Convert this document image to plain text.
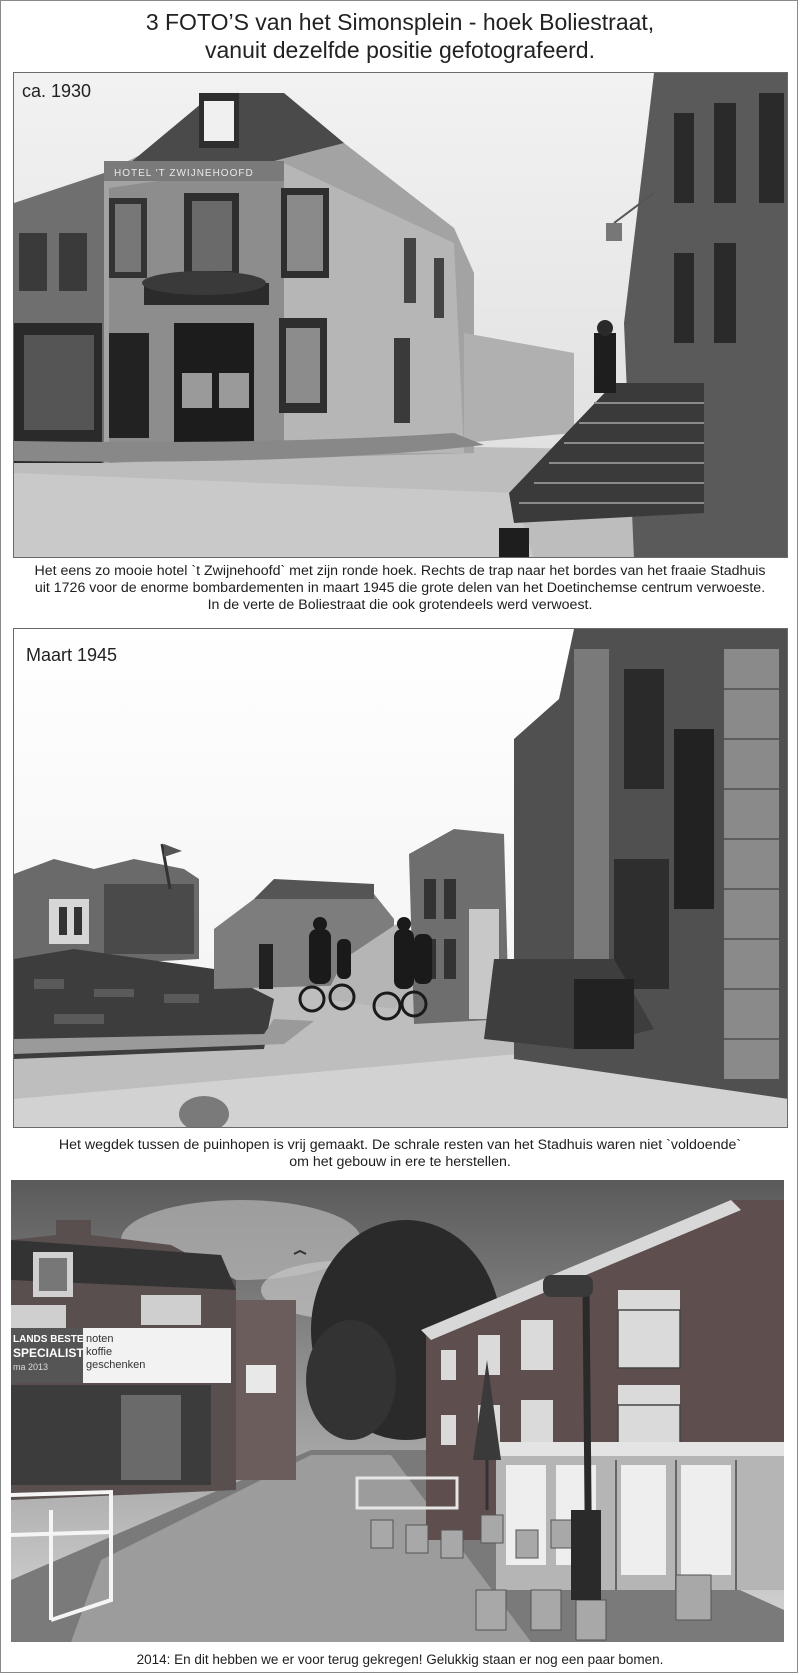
3 FOTO’S van het Simonsplein - hoek Boliestraat,
vanuit dezelfde positie gefotografeerd.
HOTEL 'T ZWIJNEHOOFD
ca. 1930
Het eens zo mooie hotel `t Zwijnehoofd` met zijn ronde hoek. Rechts de trap naar het bordes van het fraaie Stadhuis
uit 1726 voor de enorme bombardementen in maart 1945 die grote delen van het Doetinchemse centrum verwoeste.
In de verte de Boliestraat die ook grotendeels werd verwoest.
Maart 1945
Het wegdek tussen de puinhopen is vrij gemaakt. De schrale resten van het Stadhuis waren niet `voldoende`
om het gebouw in ere te herstellen.
LANDS BESTE
SPECIALIST
ma 2013
noten
koffie
geschenken
2014: En dit hebben we er voor terug gekregen! Gelukkig staan er nog een paar bomen.
